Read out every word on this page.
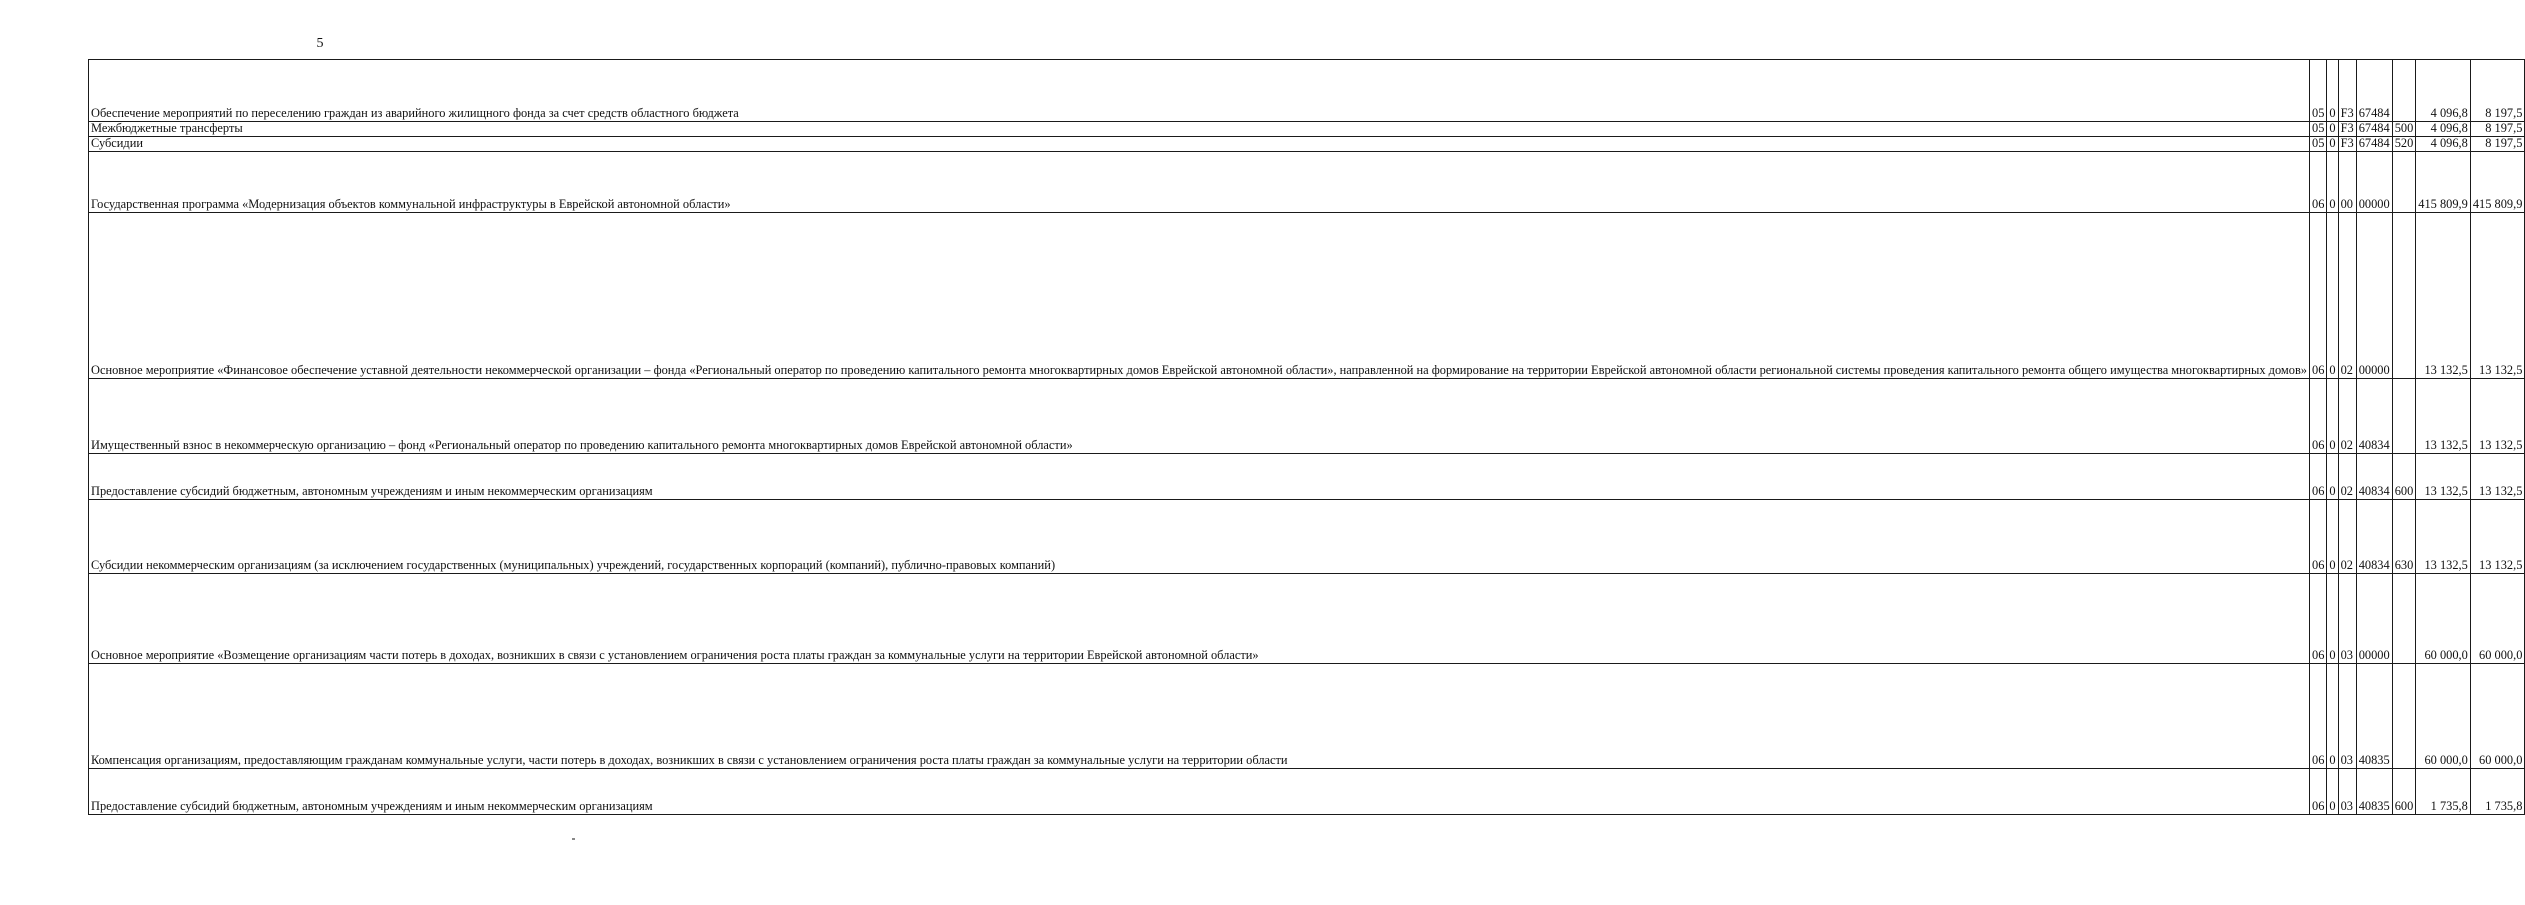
5
Обеспечение мероприятий по переселению граждан из аварийного жилищного фонда за счет средств областного бюджета	05	0	F3	67484		4 096,8	8 197,5
Межбюджетные трансферты	05	0	F3	67484	500	4 096,8	8 197,5
Субсидии	05	0	F3	67484	520	4 096,8	8 197,5
Государственная программа «Модернизация объектов коммунальной инфраструктуры в Еврейской автономной области»	06	0	00	00000		415 809,9	415 809,9
Основное мероприятие «Финансовое обеспечение уставной деятельности некоммерческой организации – фонда «Региональный оператор по проведению капитального ремонта многоквартирных домов Еврейской автономной области», направленной на формирование на территории Еврейской автономной области региональной системы проведения капитального ремонта общего имущества многоквартирных домов»	06	0	02	00000		13 132,5	13 132,5
Имущественный взнос в некоммерческую организацию – фонд «Региональный оператор по проведению капитального ремонта многоквартирных домов Еврейской автономной области»	06	0	02	40834		13 132,5	13 132,5
Предоставление субсидий бюджетным, автономным учреждениям и иным некоммерческим организациям	06	0	02	40834	600	13 132,5	13 132,5
Субсидии некоммерческим организациям (за исключением государственных (муниципальных) учреждений, государственных корпораций (компаний), публично-правовых компаний)	06	0	02	40834	630	13 132,5	13 132,5
Основное мероприятие «Возмещение организациям части потерь в доходах, возникших в связи с установлением ограничения роста платы граждан за коммунальные услуги на территории Еврейской автономной области»	06	0	03	00000		60 000,0	60 000,0
Компенсация организациям, предоставляющим гражданам коммунальные услуги, части потерь в доходах, возникших в связи с установлением ограничения роста платы граждан за коммунальные услуги на территории области	06	0	03	40835		60 000,0	60 000,0
Предоставление субсидий бюджетным, автономным учреждениям и иным некоммерческим организациям	06	0	03	40835	600	1 735,8	1 735,8
